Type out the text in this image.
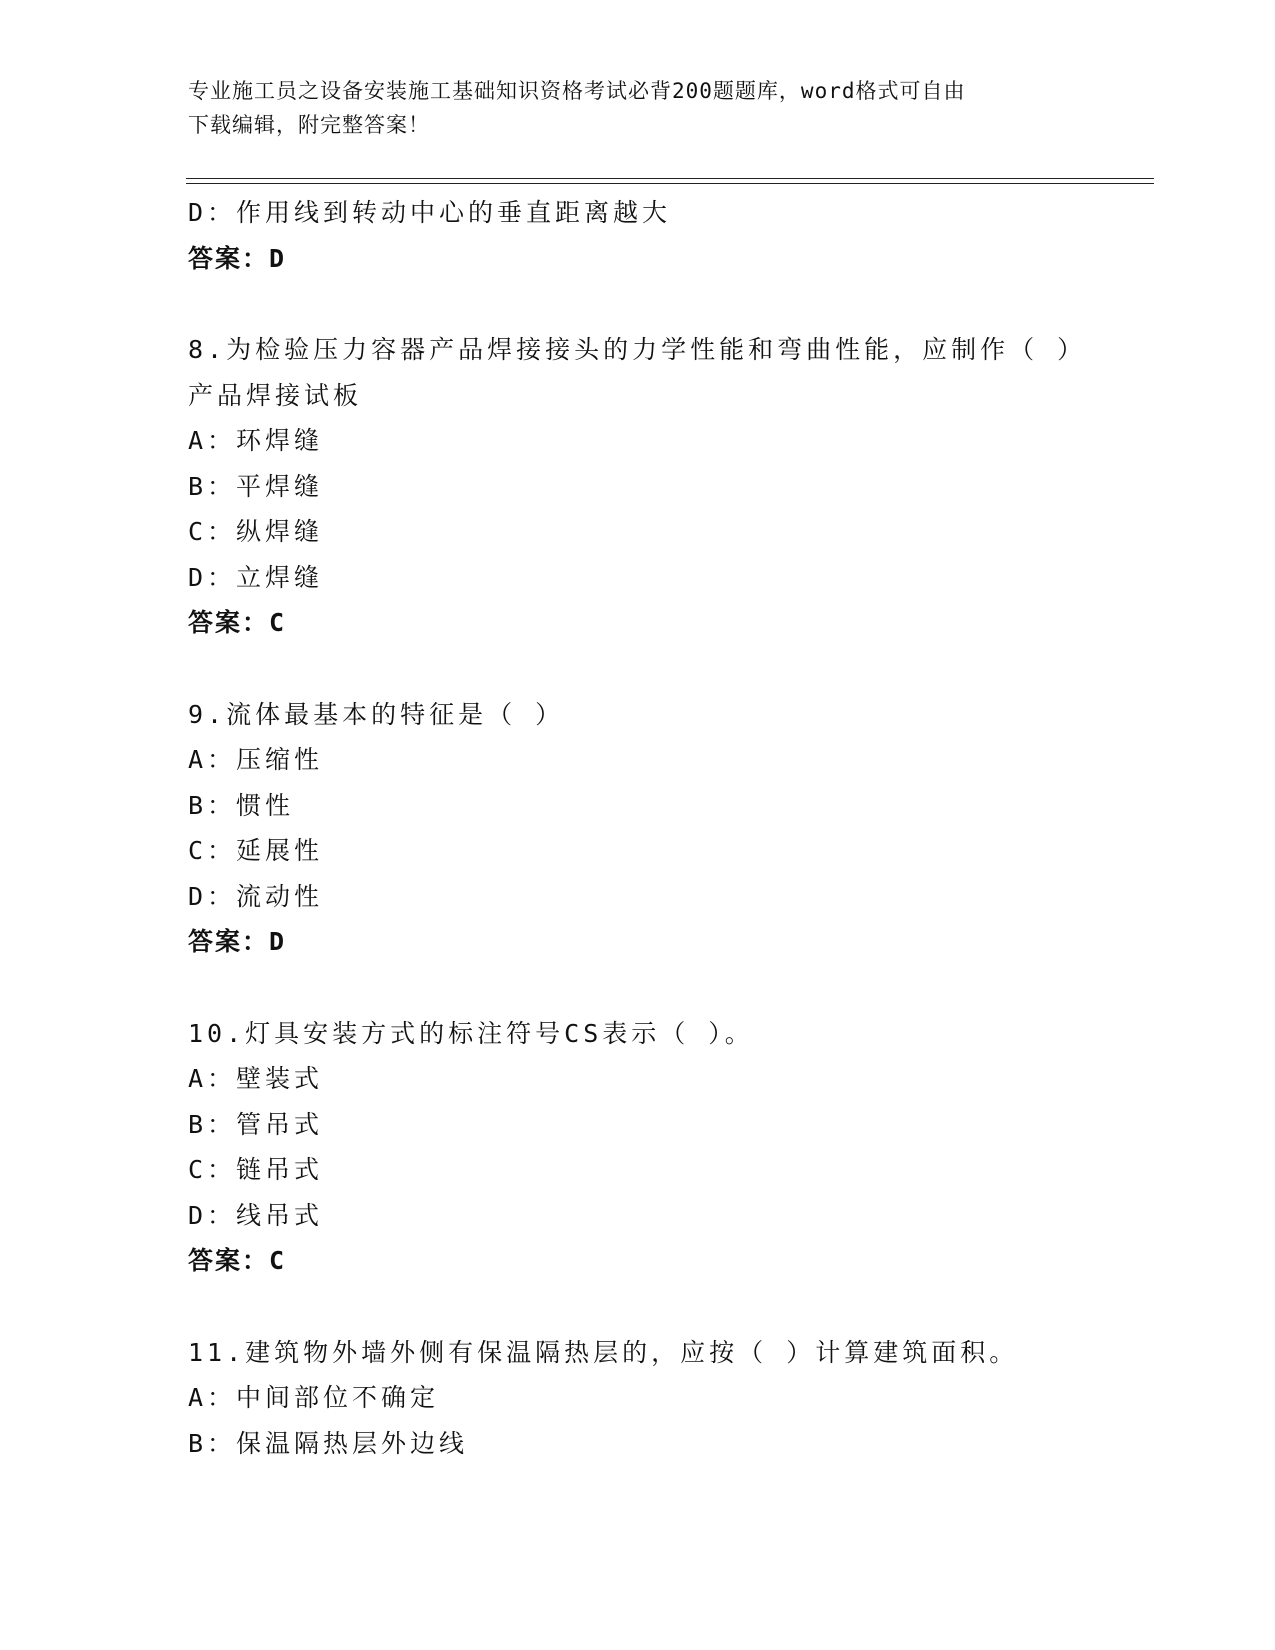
专业施工员之设备安装施工基础知识资格考试必背200题题库，word格式可自由
下载编辑，附完整答案！
D：作用线到转动中心的垂直距离越大
答案：D
8.为检验压力容器产品焊接接头的力学性能和弯曲性能，应制作（ ）
产品焊接试板
A：环焊缝
B：平焊缝
C：纵焊缝
D：立焊缝
答案：C
9.流体最基本的特征是（ ）
A：压缩性
B：惯性
C：延展性
D：流动性
答案：D
10.灯具安装方式的标注符号CS表示（ ）。
A：壁装式
B：管吊式
C：链吊式
D：线吊式
答案：C
11.建筑物外墙外侧有保温隔热层的，应按（ ）计算建筑面积。
A：中间部位不确定
B：保温隔热层外边线
